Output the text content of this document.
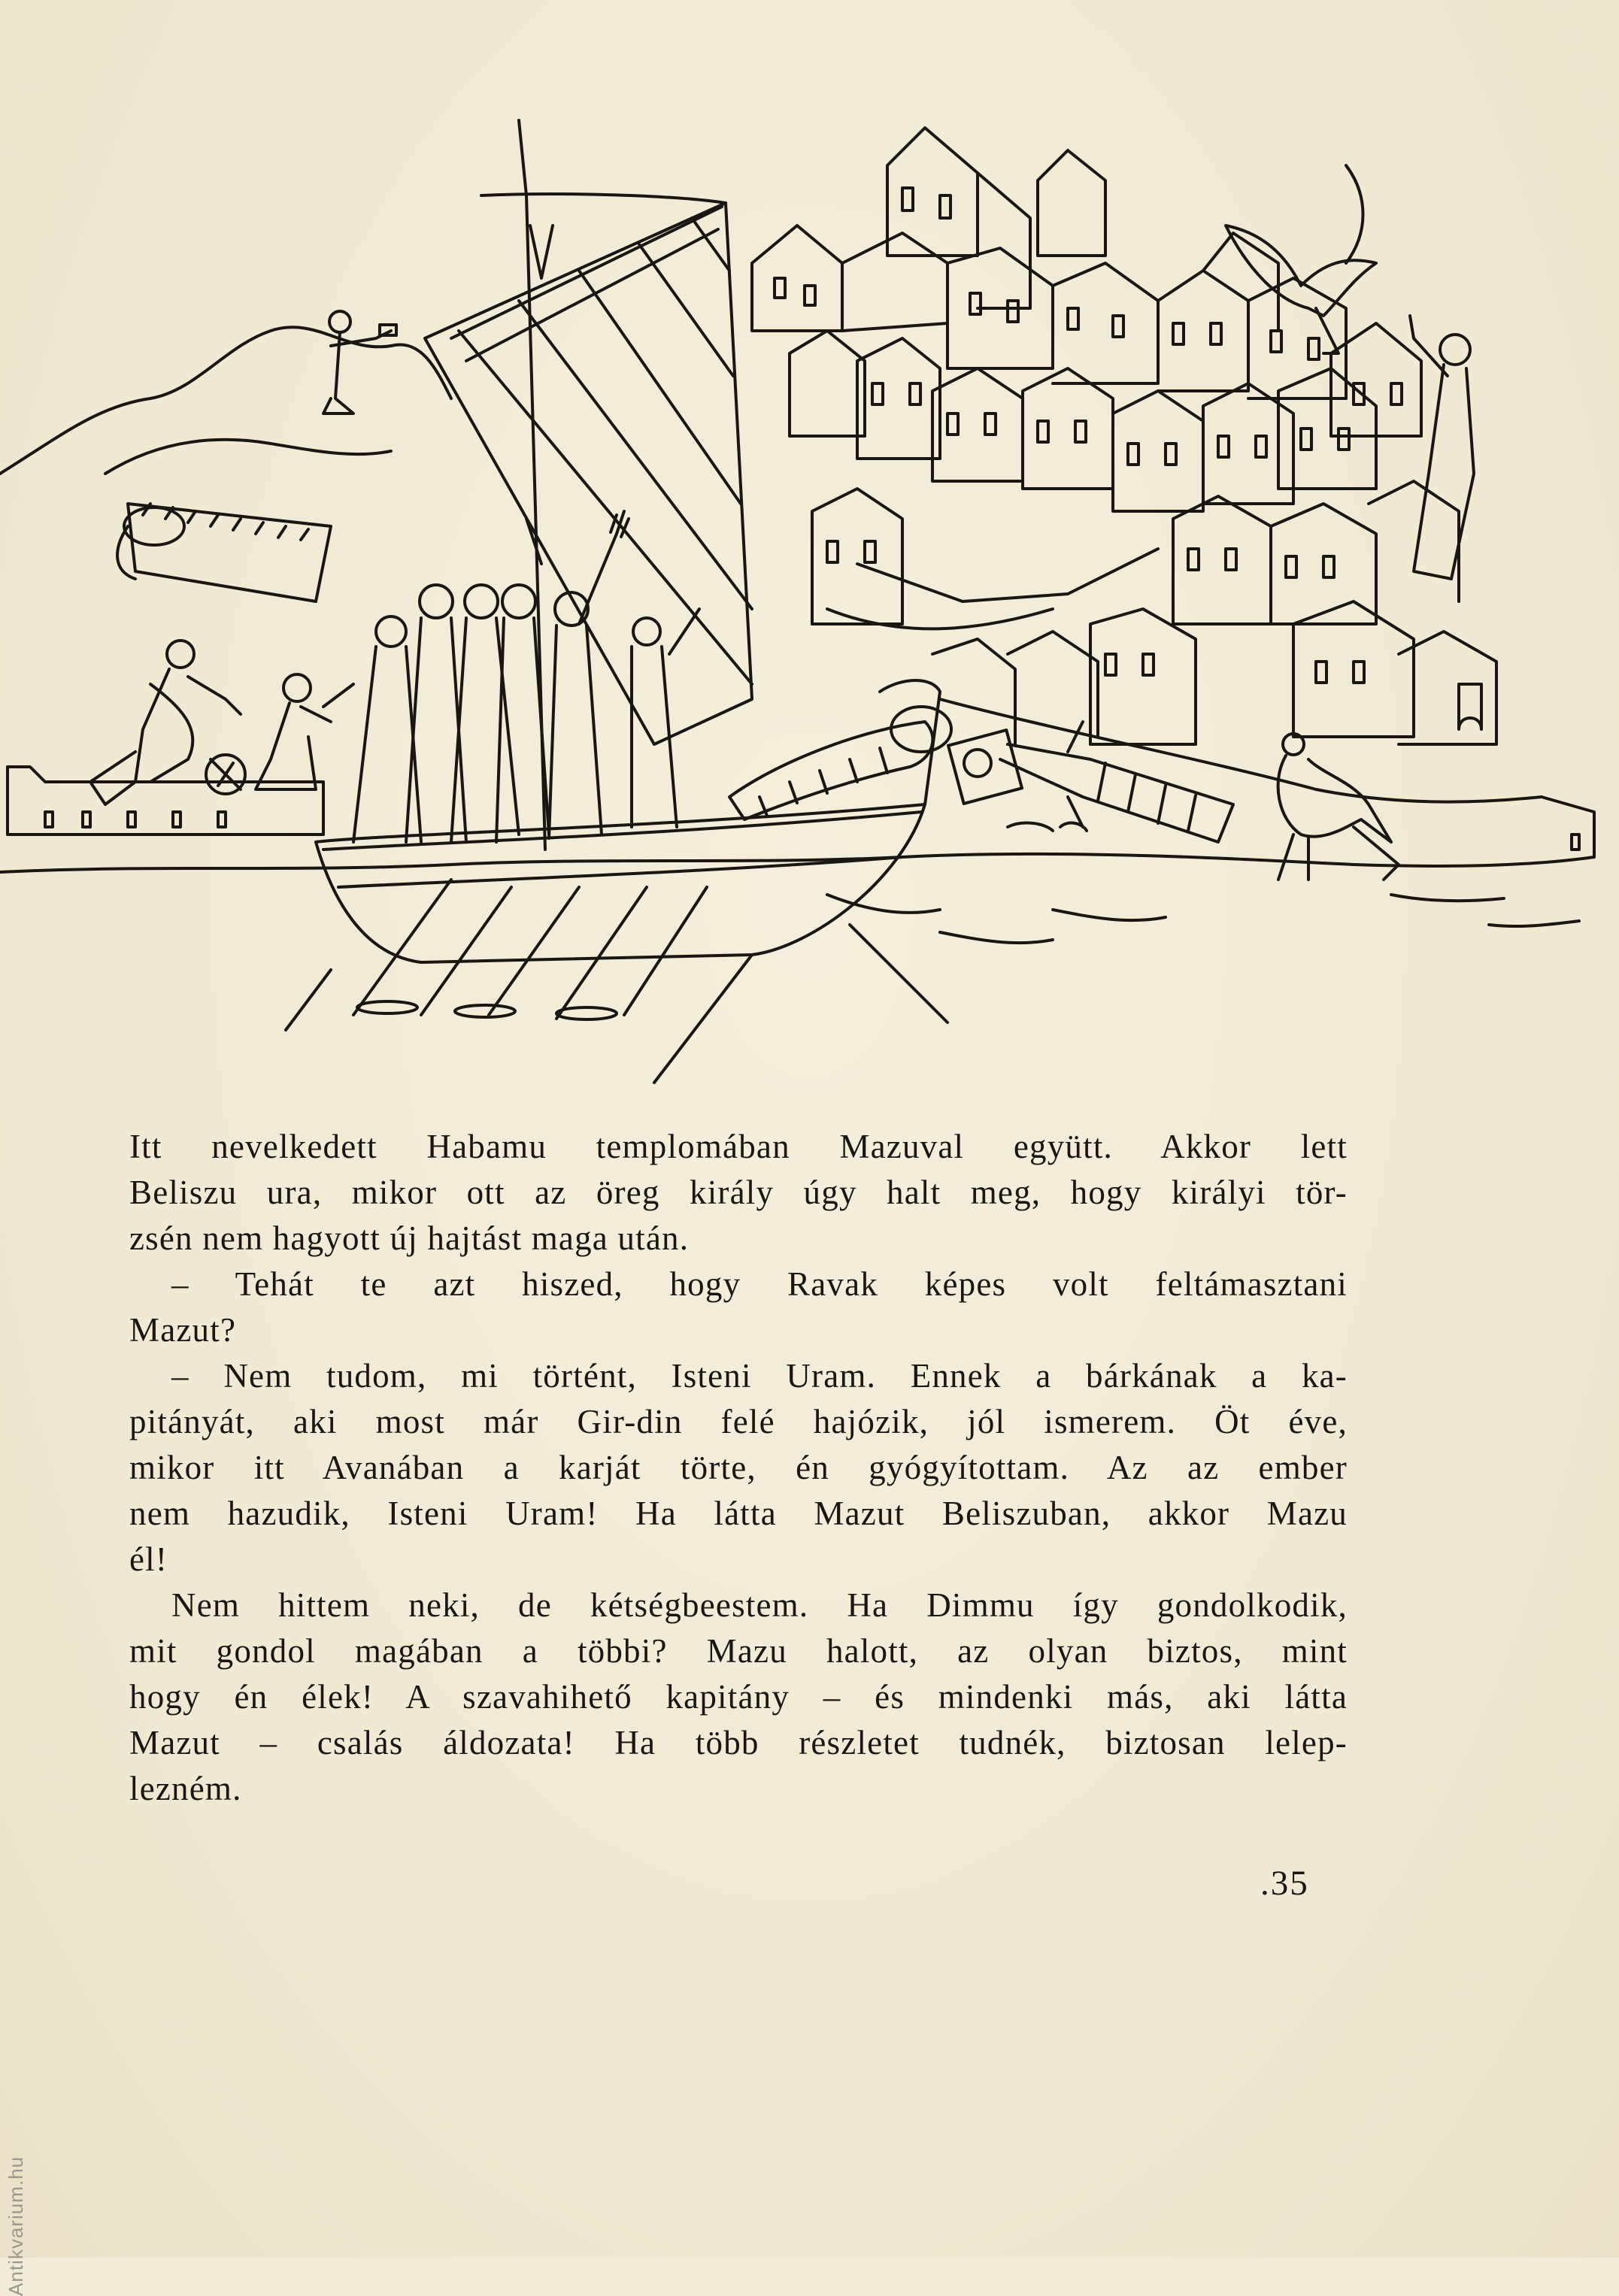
Itt nevelkedett Habamu templomában Mazuval együtt. Akkor lett
Beliszu ura, mikor ott az öreg király úgy halt meg, hogy királyi tör-
zsén nem hagyott új hajtást maga után.

– Tehát te azt hiszed, hogy Ravak képes volt feltámasztani
Mazut?

– Nem tudom, mi történt, Isteni Uram. Ennek a bárkának a ka-
pitányát, aki most már Gir-din felé hajózik, jól ismerem. Öt éve,
mikor itt Avanában a karját törte, én gyógyítottam. Az az ember
nem hazudik, Isteni Uram! Ha látta Mazut Beliszuban, akkor Mazu
él!

Nem hittem neki, de kétségbeestem. Ha Dimmu így gondolkodik,
mit gondol magában a többi? Mazu halott, az olyan biztos, mint
hogy én élek! A szavahihető kapitány – és mindenki más, aki látta
Mazut – csalás áldozata! Ha több részletet tudnék, biztosan lelep-
lezném.

.35
Antikvarium.hu
